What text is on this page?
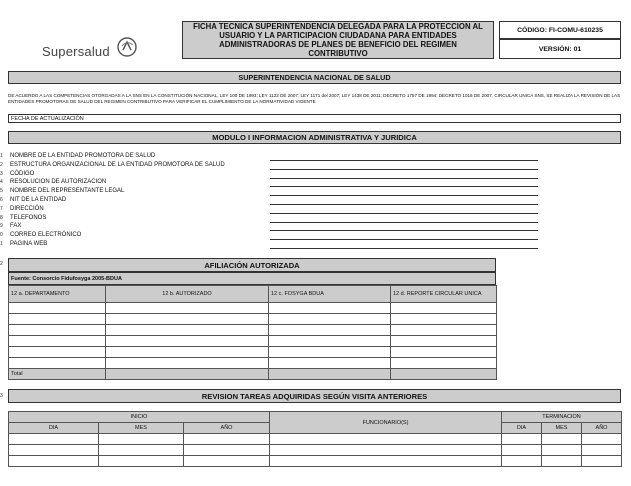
Supersalud
FICHA TECNICA SUPERINTENDENCIA DELEGADA PARA LA PROTECCION AL USUARIO Y LA PARTICIPACION CIUDADANA PARA ENTIDADES ADMINISTRADORAS DE PLANES DE BENEFICIO DEL REGIMEN CONTRIBUTIVO
CÓDIGO: FI-COMU-610235
VERSIÓN: 01
SUPERINTENDENCIA NACIONAL DE SALUD
DE ACUERDO A LAS COMPETENCIAS OTORGADAS A LA SNS EN LA CONSTITUCIÓN NACIONAL, LEY 100 DE 1993; LEY 1122 DE 2007; LEY 1171 del 2007; LEY 1438 DE 2011; DECRETO 1757 DE 1994; DECRETO 1018 DE 2007, CIRCULAR UNICA SNS, SE REALIZA LA REVISIÓN DE LAS ENTIDADES PROMOTORAS DE SALUD DEL REGIMEN CONTRIBUTIVO PARA VERIFICAR EL CUMPLIMIENTO DE LA NORMATIVIDAD VIGENTE
FECHA DE ACTUALIZACIÓN
MODULO I INFORMACION ADMINISTRATIVA Y JURIDICA
1 NOMBRE DE LA ENTIDAD PROMOTORA DE SALUD
2 ESTRUCTURA ORGANIZACIONAL DE LA ENTIDAD PROMOTORA DE SALUD
3 CÓDIGO
4 RESOLUCION DE AUTORIZACION
5 NOMBRE DEL REPRESENTANTE LEGAL
6 NIT DE LA ENTIDAD
7 DIRECCIÓN
8 TELEFONOS
9 FAX
0 CORREO ELECTRÓNICO
1 PAGINA WEB
2	AFILIACIÓN AUTORIZADA
Fuente: Consorcio Fidufosyga 2005-BDUA
12 a. DEPARTAMENTO	12 b. AUTORIZADO	12 c. FOSYGA BDUA	12 d. REPORTE CIRCULAR UNICA

Total			
3	REVISION TAREAS ADQUIRIDAS SEGÚN VISITA ANTERIORES
INICIO			FUNCIONARIO(S)	TERMINACION		
DIA	MES	AÑO		DIA	MES	AÑO
